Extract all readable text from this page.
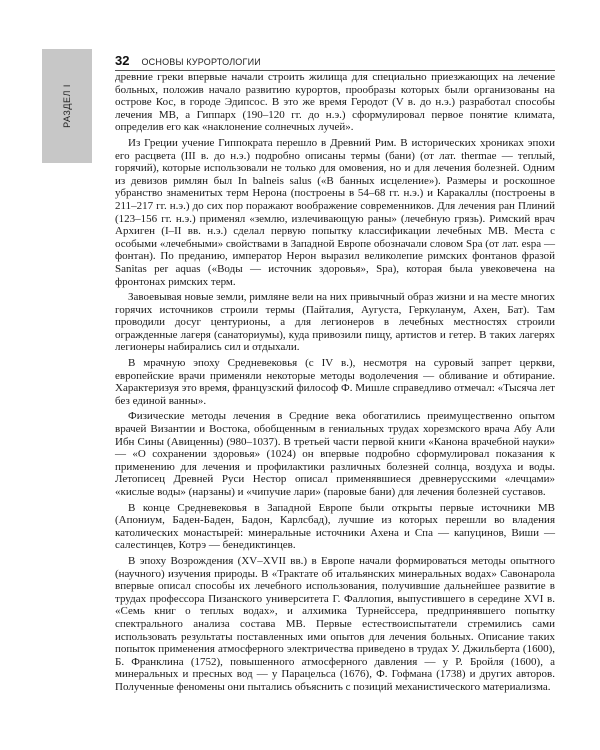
РАЗДЕЛ I
32 ОСНОВЫ КУРОРТОЛОГИИ

древние греки впервые начали строить жилища для специально приезжающих на лечение больных, положив начало развитию курортов, прообразы которых были организованы на острове Кос, в городе Эдипсос. В это же время Геродот (V в. до н.э.) разработал способы лечения МВ, а Гиппарх (190–120 гг. до н.э.) сформулировал первое понятие климата, определив его как «наклонение солнечных лучей».

Из Греции учение Гиппократа перешло в Древний Рим. В исторических хрониках эпохи его расцвета (III в. до н.э.) подробно описаны термы (бани) (от лат. thermae — теплый, горячий), которые использовали не только для омовения, но и для лечения болезней. Одним из девизов римлян был In balneis salus («В банных исцеление»). Размеры и роскошное убранство знаменитых терм Нерона (построены в 54–68 гг. н.э.) и Каракаллы (построены в 211–217 гг. н.э.) до сих пор поражают воображение современников. Для лечения ран Плиний (123–156 гг. н.э.) применял «землю, излечивающую раны» (лечебную грязь). Римский врач Архиген (I–II вв. н.э.) сделал первую попытку классификации лечебных МВ. Места с особыми «лечебными» свойствами в Западной Европе обозначали словом Spa (от лат. espa — фонтан). По преданию, император Нерон выразил великолепие римских фонтанов фразой Sanitas per aquas («Воды — источник здоровья», Spa), которая была увековечена на фронтонах римских терм.

Завоевывая новые земли, римляне вели на них привычный образ жизни и на месте многих горячих источников строили термы (Пайталия, Аугуста, Геркуланум, Ахен, Бат). Там проводили досуг центурионы, а для легионеров в лечебных местностях строили огражденные лагеря (санаториумы), куда привозили пищу, артистов и гетер. В таких лагерях легионеры набирались сил и отдыхали.

В мрачную эпоху Средневековья (с IV в.), несмотря на суровый запрет церкви, европейские врачи применяли некоторые методы водолечения — обливание и обтирание. Характеризуя это время, французский философ Ф. Мишле справедливо отмечал: «Тысяча лет без единой ванны».

Физические методы лечения в Средние века обогатились преимущественно опытом врачей Византии и Востока, обобщенным в гениальных трудах хорезмского врача Абу Али Ибн Сины (Авиценны) (980–1037). В третьей части первой книги «Канона врачебной науки» — «О сохранении здоровья» (1024) он впервые подробно сформулировал показания к применению для лечения и профилактики различных болезней солнца, воздуха и воды. Летописец Древней Руси Нестор описал применявшиеся древнерусскими «лечцами» «кислые воды» (нарзаны) и «чипучие лари» (паровые бани) для лечения болезней суставов.

В конце Средневековья в Западной Европе были открыты первые источники МВ (Апониум, Баден-Баден, Бадон, Карлсбад), лучшие из которых перешли во владения католических монастырей: минеральные источники Ахена и Спа — капуцинов, Виши — салестинцев, Котрэ — бенедиктинцев.

В эпоху Возрождения (XV–XVII вв.) в Европе начали формироваться методы опытного (научного) изучения природы. В «Трактате об итальянских минеральных водах» Савонарола впервые описал способы их лечебного использования, получившие дальнейшее развитие в трудах профессора Пизанского университета Г. Фаллопия, выпустившего в середине XVI в. «Семь книг о теплых водах», и алхимика Турнейссера, предпринявшего попытку спектрального анализа состава МВ. Первые естествоиспытатели стремились сами использовать результаты поставленных ими опытов для лечения больных. Описание таких попыток применения атмосферного электричества приведено в трудах У. Джильберта (1600), Б. Франклина (1752), повышенного атмосферного давления — у Р. Бройля (1600), а минеральных и пресных вод — у Парацельса (1676), Ф. Гофмана (1738) и других авторов. Полученные феномены они пытались объяснить с позиций механистического материализма.
